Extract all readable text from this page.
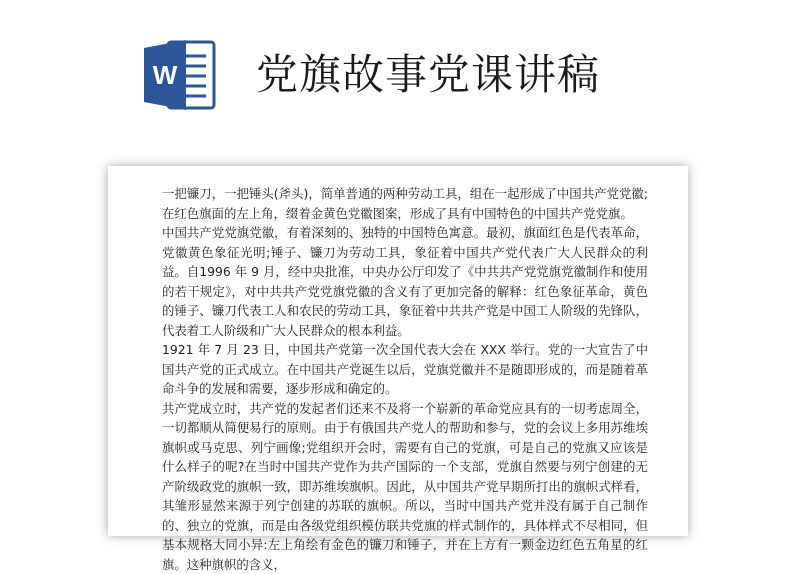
W 党旗故事党课讲稿

一把镰刀，一把锤头(斧头)，简单普通的两种劳动工具，组在一起形成了中国共产党党徽;在红色旗面的左上角，缀着金黄色党徽图案，形成了具有中国特色的中国共产党党旗。

中国共产党党旗党徽，有着深刻的、独特的中国特色寓意。最初，旗面红色是代表革命，党徽黄色象征光明;锤子、镰刀为劳动工具，象征着中国共产党代表广大人民群众的利益。自1996 年 9 月，经中央批准，中央办公厅印发了《中共共产党党旗党徽制作和使用的若干规定》，对中共共产党党旗党徽的含义有了更加完备的解释：红色象征革命，黄色的锤子、镰刀代表工人和农民的劳动工具，象征着中共共产党是中国工人阶级的先锋队，代表着工人阶级和广大人民群众的根本利益。

1921 年 7 月 23 日，中国共产党第一次全国代表大会在 XXX 举行。党的一大宣告了中国共产党的正式成立。在中国共产党诞生以后，党旗党徽并不是随即形成的，而是随着革命斗争的发展和需要，逐步形成和确定的。

共产党成立时，共产党的发起者们还来不及将一个崭新的革命党应具有的一切考虑周全，一切都顺从简便易行的原则。由于有俄国共产党人的帮助和参与，党的会议上多用苏维埃旗帜或马克思、列宁画像;党组织开会时，需要有自己的党旗，可是自己的党旗又应该是什么样子的呢?在当时中国共产党作为共产国际的一个支部，党旗自然要与列宁创建的无产阶级政党的旗帜一致，即苏维埃旗帜。因此，从中国共产党早期所打出的旗帜式样看，其雏形显然来源于列宁创建的苏联的旗帜。所以，当时中国共产党并没有属于自己制作的、独立的党旗，而是由各级党组织模仿联共党旗的样式制作的，具体样式不尽相同，但基本规格大同小异:左上角绘有金色的镰刀和锤子，并在上方有一颗金边红色五角星的红旗。这种旗帜的含义，
